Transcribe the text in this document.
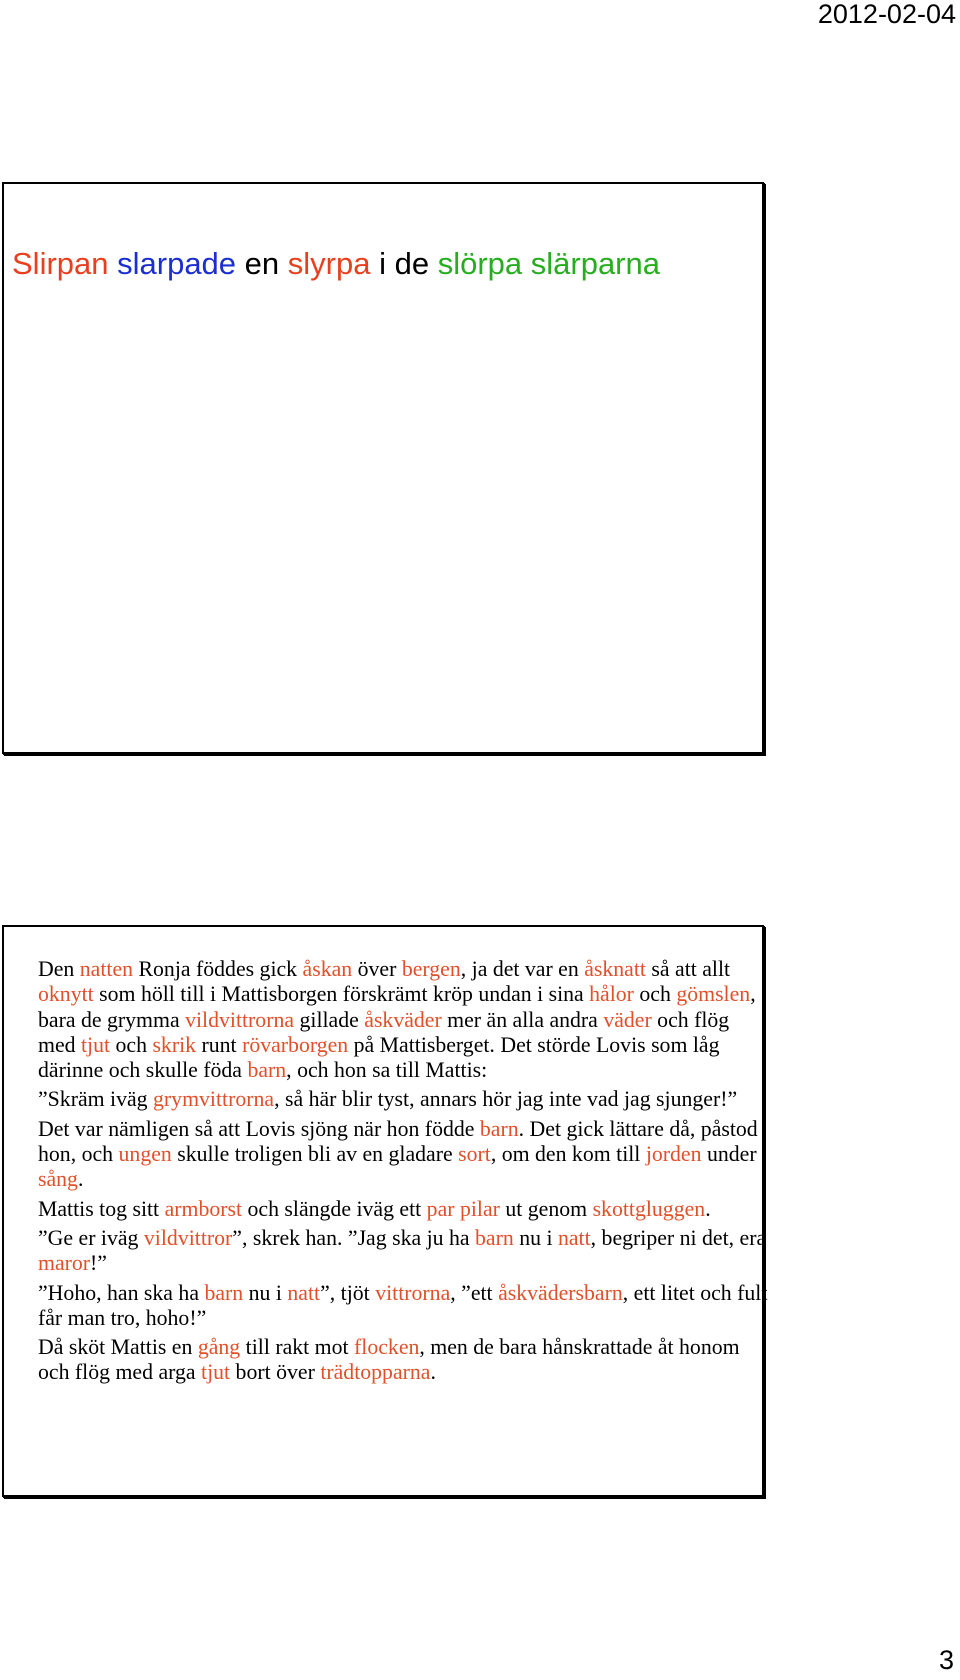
2012-02-04
Slirpan slarpade en slyrpa i de slörpa slärparna

Den natten Ronja föddes gick åskan över bergen, ja det var en åsknatt så att allt oknytt som höll till i Mattisborgen förskrämt kröp undan i sina hålor och gömslen, bara de grymma vildvittrorna gillade åskväder mer än alla andra väder och flög med tjut och skrik runt rövarborgen på Mattisberget. Det störde Lovis som låg därinne och skulle föda barn, och hon sa till Mattis:

”Skräm iväg grymvittrorna, så här blir tyst, annars hör jag inte vad jag sjunger!”

Det var nämligen så att Lovis sjöng när hon födde barn. Det gick lättare då, påstod hon, och ungen skulle troligen bli av en gladare sort, om den kom till jorden under sång.

Mattis tog sitt armborst och slängde iväg ett par pilar ut genom skottgluggen.

”Ge er iväg vildvittror”, skrek han. ”Jag ska ju ha barn nu i natt, begriper ni det, era maror!”

”Hoho, han ska ha barn nu i natt”, tjöt vittrorna, ”ett åskvädersbarn, ett litet och fult får man tro, hoho!”

Då sköt Mattis en gång till rakt mot flocken, men de bara hånskrattade åt honom och flög med arga tjut bort över trädtopparna.

3
